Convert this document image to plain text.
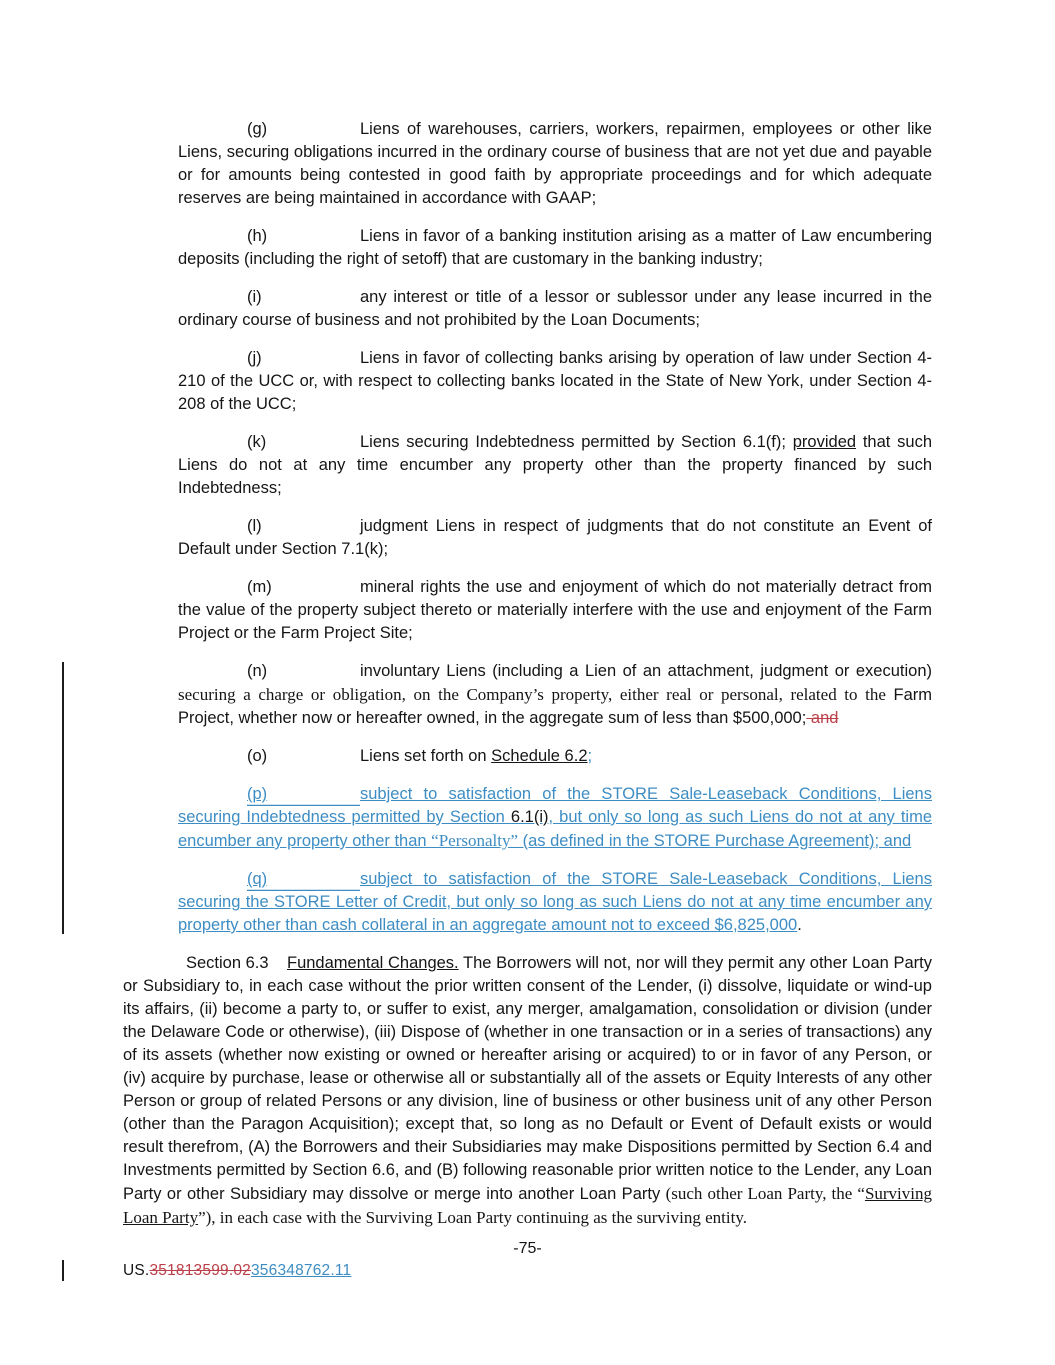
(g)	Liens of warehouses, carriers, workers, repairmen, employees or other like Liens, securing obligations incurred in the ordinary course of business that are not yet due and payable or for amounts being contested in good faith by appropriate proceedings and for which adequate reserves are being maintained in accordance with GAAP;

(h)	Liens in favor of a banking institution arising as a matter of Law encumbering deposits (including the right of setoff) that are customary in the banking industry;

(i)	any interest or title of a lessor or sublessor under any lease incurred in the ordinary course of business and not prohibited by the Loan Documents;

(j)	Liens in favor of collecting banks arising by operation of law under Section 4-210 of the UCC or, with respect to collecting banks located in the State of New York, under Section 4-208 of the UCC;

(k)	Liens securing Indebtedness permitted by Section 6.1(f); provided that such Liens do not at any time encumber any property other than the property financed by such Indebtedness;

(l)	judgment Liens in respect of judgments that do not constitute an Event of Default under Section 7.1(k);

(m)	mineral rights the use and enjoyment of which do not materially detract from the value of the property subject thereto or materially interfere with the use and enjoyment of the Farm Project or the Farm Project Site;

(n)	involuntary Liens (including a Lien of an attachment, judgment or execution) securing a charge or obligation, on the Company’s property, either real or personal, related to the Farm Project, whether now or hereafter owned, in the aggregate sum of less than $500,000; and

(o)	Liens set forth on Schedule 6.2;

(p)	subject to satisfaction of the STORE Sale-Leaseback Conditions, Liens securing Indebtedness permitted by Section 6.1(i), but only so long as such Liens do not at any time encumber any property other than “Personalty” (as defined in the STORE Purchase Agreement); and

(q)	subject to satisfaction of the STORE Sale-Leaseback Conditions, Liens securing the STORE Letter of Credit, but only so long as such Liens do not at any time encumber any property other than cash collateral in an aggregate amount not to exceed $6,825,000.

Section 6.3 Fundamental Changes. The Borrowers will not, nor will they permit any other Loan Party or Subsidiary to, in each case without the prior written consent of the Lender, (i) dissolve, liquidate or wind-up its affairs, (ii) become a party to, or suffer to exist, any merger, amalgamation, consolidation or division (under the Delaware Code or otherwise), (iii) Dispose of (whether in one transaction or in a series of transactions) any of its assets (whether now existing or owned or hereafter arising or acquired) to or in favor of any Person, or (iv) acquire by purchase, lease or otherwise all or substantially all of the assets or Equity Interests of any other Person or group of related Persons or any division, line of business or other business unit of any other Person (other than the Paragon Acquisition); except that, so long as no Default or Event of Default exists or would result therefrom, (A) the Borrowers and their Subsidiaries may make Dispositions permitted by Section 6.4 and Investments permitted by Section 6.6, and (B) following reasonable prior written notice to the Lender, any Loan Party or other Subsidiary may dissolve or merge into another Loan Party (such other Loan Party, the “Surviving Loan Party”), in each case with the Surviving Loan Party continuing as the surviving entity.

-75-
US.351813599.02356348762.11
